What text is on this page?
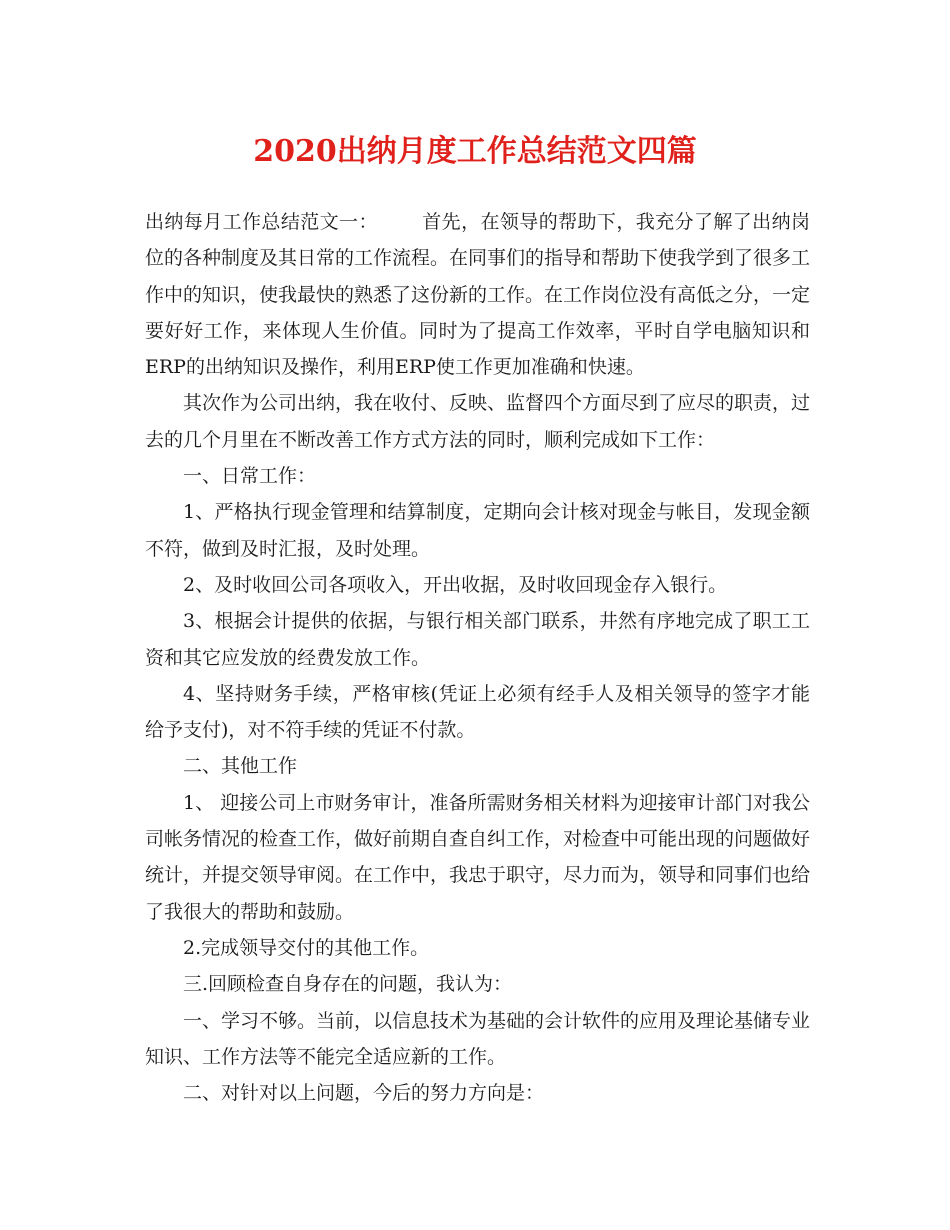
2020出纳月度工作总结范文四篇

出纳每月工作总结范文一： 首先，在领导的帮助下，我充分了解了出纳岗位的各种制度及其日常的工作流程。在同事们的指导和帮助下使我学到了很多工作中的知识，使我最快的熟悉了这份新的工作。在工作岗位没有高低之分，一定要好好工作，来体现人生价值。同时为了提高工作效率，平时自学电脑知识和ERP的出纳知识及操作，利用ERP使工作更加准确和快速。

其次作为公司出纳，我在收付、反映、监督四个方面尽到了应尽的职责，过去的几个月里在不断改善工作方式方法的同时，顺利完成如下工作：

一、日常工作：

1、严格执行现金管理和结算制度，定期向会计核对现金与帐目，发现金额不符，做到及时汇报，及时处理。

2、及时收回公司各项收入，开出收据，及时收回现金存入银行。

3、根据会计提供的依据，与银行相关部门联系，井然有序地完成了职工工资和其它应发放的经费发放工作。

4、坚持财务手续，严格审核(凭证上必须有经手人及相关领导的签字才能给予支付)，对不符手续的凭证不付款。

二、其他工作

1、 迎接公司上市财务审计，准备所需财务相关材料为迎接审计部门对我公司帐务情况的检查工作，做好前期自查自纠工作，对检查中可能出现的问题做好统计，并提交领导审阅。在工作中，我忠于职守，尽力而为，领导和同事们也给了我很大的帮助和鼓励。

2.完成领导交付的其他工作。

三.回顾检查自身存在的问题，我认为：

一、学习不够。当前，以信息技术为基础的会计软件的应用及理论基储专业知识、工作方法等不能完全适应新的工作。

二、对针对以上问题，今后的努力方向是：
